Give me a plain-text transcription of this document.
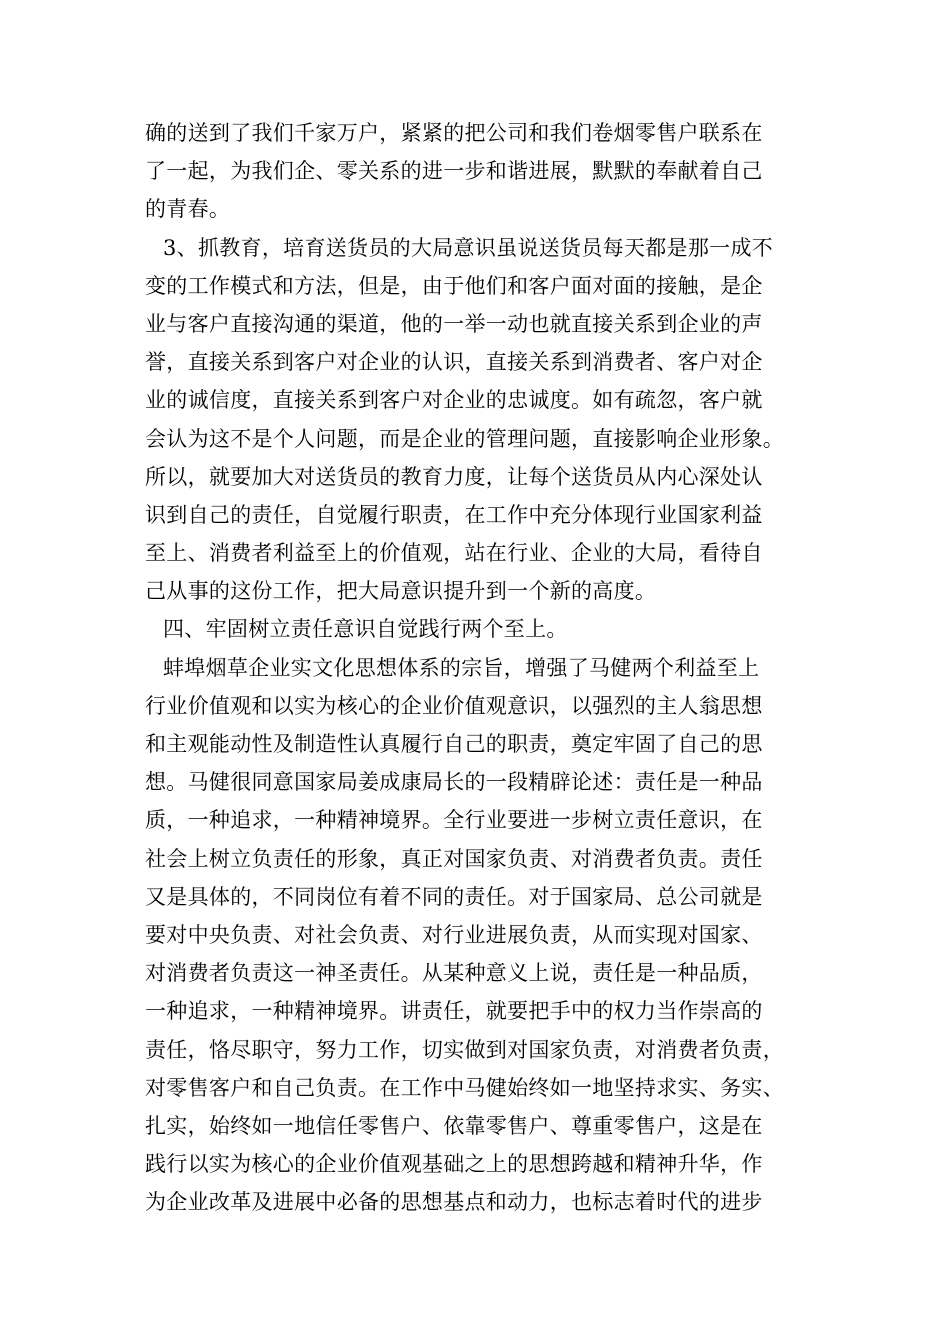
确的送到了我们千家万户，紧紧的把公司和我们卷烟零售户联系在
了一起，为我们企、零关系的进一步和谐进展，默默的奉献着自己
的青春。
3、抓教育，培育送货员的大局意识虽说送货员每天都是那一成不
变的工作模式和方法，但是，由于他们和客户面对面的接触，是企
业与客户直接沟通的渠道，他的一举一动也就直接关系到企业的声
誉，直接关系到客户对企业的认识，直接关系到消费者、客户对企
业的诚信度，直接关系到客户对企业的忠诚度。如有疏忽，客户就
会认为这不是个人问题，而是企业的管理问题，直接影响企业形象。
所以，就要加大对送货员的教育力度，让每个送货员从内心深处认
识到自己的责任，自觉履行职责，在工作中充分体现行业国家利益
至上、消费者利益至上的价值观，站在行业、企业的大局，看待自
己从事的这份工作，把大局意识提升到一个新的高度。
四、牢固树立责任意识自觉践行两个至上。
蚌埠烟草企业实文化思想体系的宗旨，增强了马健两个利益至上
行业价值观和以实为核心的企业价值观意识，以强烈的主人翁思想
和主观能动性及制造性认真履行自己的职责，奠定牢固了自己的思
想。马健很同意国家局姜成康局长的一段精辟论述：责任是一种品
质，一种追求，一种精神境界。全行业要进一步树立责任意识，在
社会上树立负责任的形象，真正对国家负责、对消费者负责。责任
又是具体的，不同岗位有着不同的责任。对于国家局、总公司就是
要对中央负责、对社会负责、对行业进展负责，从而实现对国家、
对消费者负责这一神圣责任。从某种意义上说，责任是一种品质，
一种追求，一种精神境界。讲责任，就要把手中的权力当作崇高的
责任，恪尽职守，努力工作，切实做到对国家负责，对消费者负责，
对零售客户和自己负责。在工作中马健始终如一地坚持求实、务实、
扎实，始终如一地信任零售户、依靠零售户、尊重零售户，这是在
践行以实为核心的企业价值观基础之上的思想跨越和精神升华，作
为企业改革及进展中必备的思想基点和动力，也标志着时代的进步
